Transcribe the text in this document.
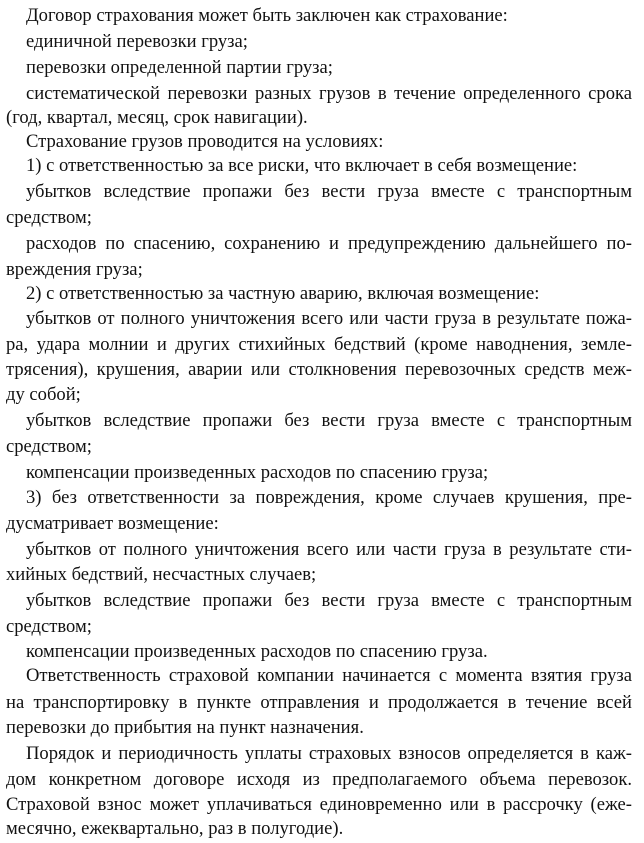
Договор страхования может быть заключен как страхование:
единичной перевозки груза;
перевозки определенной партии груза;
систематической перевозки разных грузов в течение определенного срока
(год, квартал, месяц, срок навигации).
Страхование грузов проводится на условиях:
1) с ответственностью за все риски, что включает в себя возмещение:
убытков вследствие пропажи без вести груза вместе с транспортным
средством;
расходов по спасению, сохранению и предупреждению дальнейшего по-
вреждения груза;
2) с ответственностью за частную аварию, включая возмещение:
убытков от полного уничтожения всего или части груза в результате пожа-
ра, удара молнии и других стихийных бедствий (кроме наводнения, земле-
трясения), крушения, аварии или столкновения перевозочных средств меж-
ду собой;
убытков вследствие пропажи без вести груза вместе с транспортным
средством;
компенсации произведенных расходов по спасению груза;
3) без ответственности за повреждения, кроме случаев крушения, пре-
дусматривает возмещение:
убытков от полного уничтожения всего или части груза в результате сти-
хийных бедствий, несчастных случаев;
убытков вследствие пропажи без вести груза вместе с транспортным
средством;
компенсации произведенных расходов по спасению груза.
Ответственность страховой компании начинается с момента взятия груза
на транспортировку в пункте отправления и продолжается в течение всей
перевозки до прибытия на пункт назначения.
Порядок и периодичность уплаты страховых взносов определяется в каж-
дом конкретном договоре исходя из предполагаемого объема перевозок.
Страховой взнос может уплачиваться единовременно или в рассрочку (еже-
месячно, ежеквартально, раз в полугодие).
